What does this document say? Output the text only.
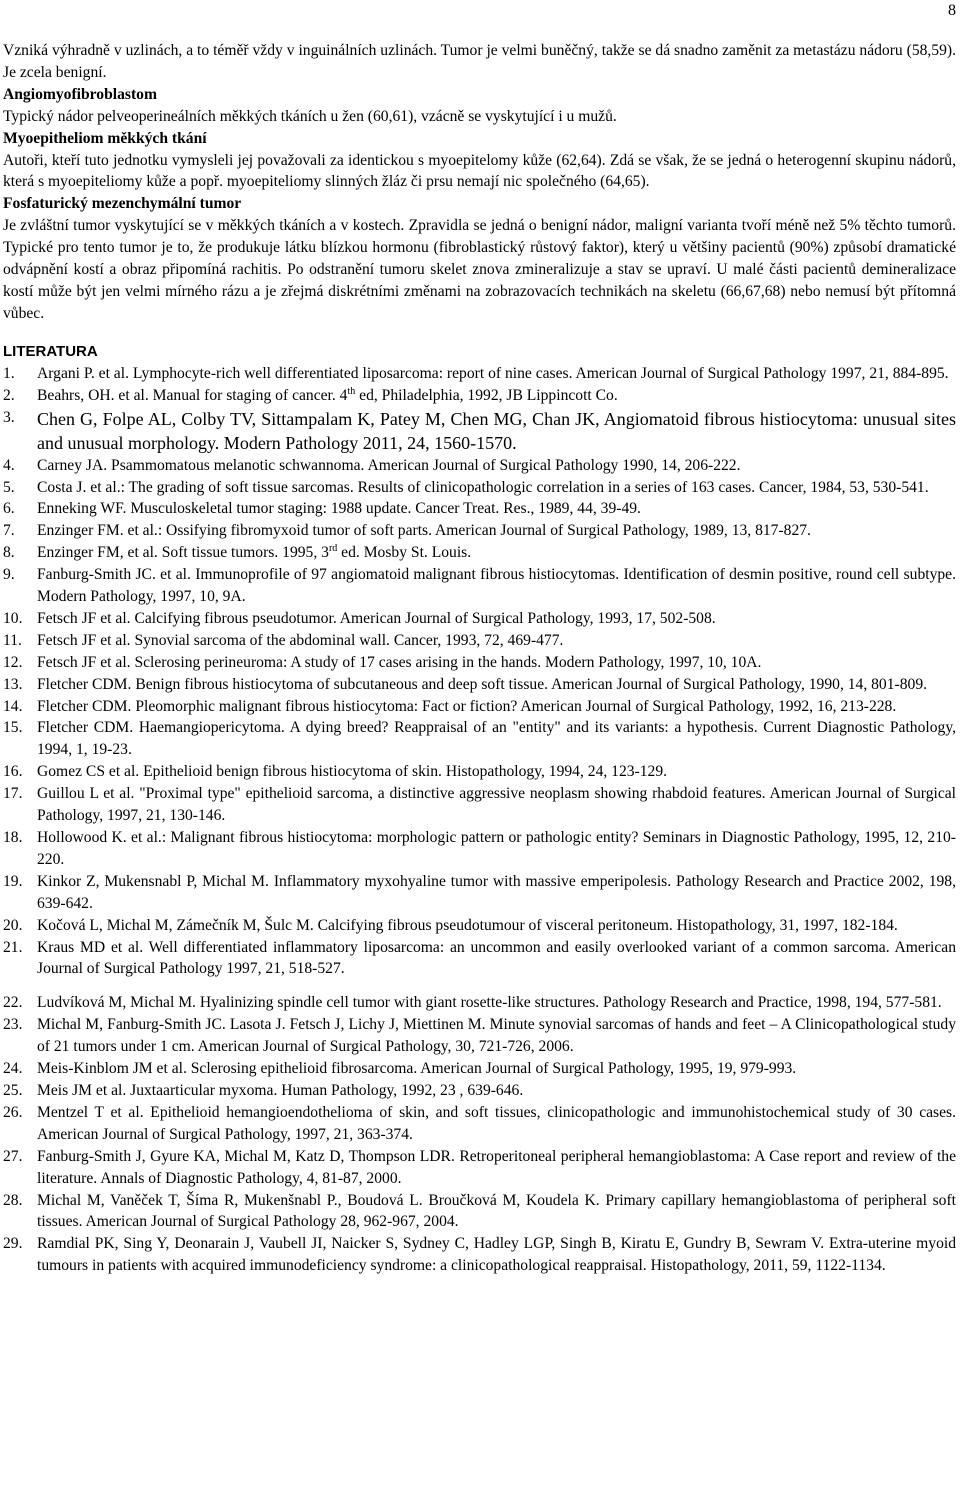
8

Vzniká výhradně v uzlinách, a to téměř vždy v inguinálních uzlinách. Tumor je velmi buněčný, takže se dá snadno zaměnit za metastázu nádoru (58,59). Je zcela benigní.

Angiomyofibroblastom

Typický nádor pelveoperineálních měkkých tkáních u žen (60,61), vzácně se vyskytující i u mužů.

Myoepitheliom měkkých tkání

Autoři, kteří tuto jednotku vymysleli jej považovali za identickou s myoepitelomy kůže (62,64). Zdá se však, že se jedná o heterogenní skupinu nádorů, která s myoepiteliomy kůže a popř. myoepiteliomy slinných žláz či prsu nemají nic společného (64,65).

Fosfaturický mezenchymální tumor

Je zvláštní tumor vyskytující se v měkkých tkáních a v kostech. Zpravidla se jedná o benigní nádor, maligní varianta tvoří méně než 5% těchto tumorů. Typické pro tento tumor je to, že produkuje látku blízkou hormonu (fibroblastický růstový faktor), který u většiny pacientů (90%) způsobí dramatické odvápnění kostí a obraz připomíná rachitis. Po odstranění tumoru skelet znova zmineralizuje a stav se upraví. U malé části pacientů demineralizace kostí může být jen velmi mírného rázu a je zřejmá diskrétními změnami na zobrazovacích technikách na skeletu (66,67,68) nebo nemusí být přítomná vůbec.

LITERATURA
1.	Argani P. et al. Lymphocyte-rich well differentiated liposarcoma: report of nine cases. American Journal of Surgical Pathology 1997, 21, 884-895.
2.	Beahrs, OH. et al. Manual for staging of cancer. 4th ed, Philadelphia, 1992, JB Lippincott Co.
3.	Chen G, Folpe AL, Colby TV, Sittampalam K, Patey M, Chen MG, Chan JK, Angiomatoid fibrous histiocytoma: unusual sites and unusual morphology. Modern Pathology 2011, 24, 1560-1570.
4.	Carney JA. Psammomatous melanotic schwannoma. American Journal of Surgical Pathology 1990, 14, 206-222.
5.	Costa J. et al.: The grading of soft tissue sarcomas. Results of clinicopathologic correlation in a series of 163 cases. Cancer, 1984, 53, 530-541.
6.	Enneking WF. Musculoskeletal tumor staging: 1988 update. Cancer Treat. Res., 1989, 44, 39-49.
7.	Enzinger FM. et al.: Ossifying fibromyxoid tumor of soft parts. American Journal of Surgical Pathology, 1989, 13, 817-827.
8.	Enzinger FM, et al. Soft tissue tumors. 1995, 3rd ed. Mosby St. Louis.
9.	Fanburg-Smith JC. et al. Immunoprofile of 97 angiomatoid malignant fibrous histiocytomas. Identification of desmin positive, round cell subtype. Modern Pathology, 1997, 10, 9A.
10. Fetsch JF et al. Calcifying fibrous pseudotumor. American Journal of Surgical Pathology, 1993, 17, 502-508.
11. Fetsch JF et al. Synovial sarcoma of the abdominal wall. Cancer, 1993, 72, 469-477.
12. Fetsch JF et al. Sclerosing perineuroma: A study of 17 cases arising in the hands. Modern Pathology, 1997, 10, 10A.
13. Fletcher CDM. Benign fibrous histiocytoma of subcutaneous and deep soft tissue. American Journal of Surgical Pathology, 1990, 14, 801-809.
14. Fletcher CDM. Pleomorphic malignant fibrous histiocytoma: Fact or fiction? American Journal of Surgical Pathology, 1992, 16, 213-228.
15. Fletcher CDM. Haemangiopericytoma. A dying breed? Reappraisal of an "entity" and its variants: a hypothesis. Current Diagnostic Pathology, 1994, 1, 19-23.
16. Gomez CS et al. Epithelioid benign fibrous histiocytoma of skin. Histopathology, 1994, 24, 123-129.
17. Guillou L et al. "Proximal type" epithelioid sarcoma, a distinctive aggressive neoplasm showing rhabdoid features. American Journal of Surgical Pathology, 1997, 21, 130-146.
18. Hollowood K. et al.: Malignant fibrous histiocytoma: morphologic pattern or pathologic entity? Seminars in Diagnostic Pathology, 1995, 12, 210-220.
19. Kinkor Z, Mukensnabl P, Michal M. Inflammatory myxohyaline tumor with massive emperipolesis. Pathology Research and Practice 2002, 198, 639-642.
20. Kočová L, Michal M, Zámečník M, Šulc M. Calcifying fibrous pseudotumour of visceral peritoneum. Histopathology, 31, 1997, 182-184.
21. Kraus MD et al. Well differentiated inflammatory liposarcoma: an uncommon and easily overlooked variant of a common sarcoma. American Journal of Surgical Pathology 1997, 21, 518-527.
22. Ludvíková M, Michal M. Hyalinizing spindle cell tumor with giant rosette-like structures. Pathology Research and Practice, 1998, 194, 577-581.
23. Michal M, Fanburg-Smith JC. Lasota J. Fetsch J, Lichy J, Miettinen M. Minute synovial sarcomas of hands and feet – A Clinicopathological study of 21 tumors under 1 cm. American Journal of Surgical Pathology, 30, 721-726, 2006.
24. Meis-Kinblom JM et al. Sclerosing epithelioid fibrosarcoma. American Journal of Surgical Pathology, 1995, 19, 979-993.
25. Meis JM et al. Juxtaarticular myxoma. Human Pathology, 1992, 23 , 639-646.
26. Mentzel T et al. Epithelioid hemangioendothelioma of skin, and soft tissues, clinicopathologic and immunohistochemical study of 30 cases. American Journal of Surgical Pathology, 1997, 21, 363-374.
27. Fanburg-Smith J, Gyure KA, Michal M, Katz D, Thompson LDR. Retroperitoneal peripheral hemangioblastoma: A Case report and review of the literature. Annals of Diagnostic Pathology, 4, 81-87, 2000.
28. Michal M, Vaněček T, Šíma R, Mukenšnabl P., Boudová L. Broučková M, Koudela K. Primary capillary hemangioblastoma of peripheral soft tissues. American Journal of Surgical Pathology 28, 962-967, 2004.
29. Ramdial PK, Sing Y, Deonarain J, Vaubell JI, Naicker S, Sydney C, Hadley LGP, Singh B, Kiratu E, Gundry B, Sewram V. Extra-uterine myoid tumours in patients with acquired immunodeficiency syndrome: a clinicopathological reappraisal. Histopathology, 2011, 59, 1122-1134.
